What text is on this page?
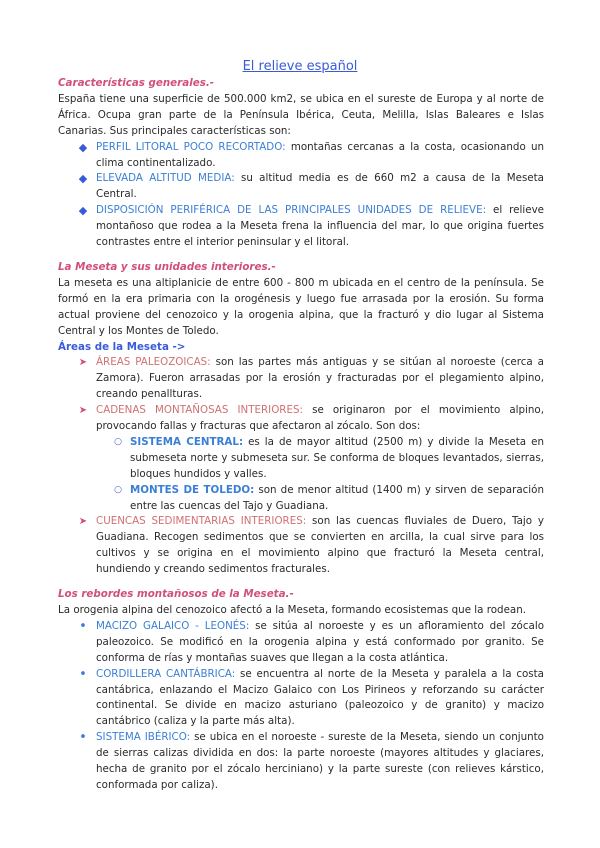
El relieve español

Características generales.-

España tiene una superficie de 500.000 km2, se ubica en el sureste de Europa y al norte de África. Ocupa gran parte de la Península Ibérica, Ceuta, Melilla, Islas Baleares e Islas Canarias. Sus principales características son:

◆ PERFIL LITORAL POCO RECORTADO: montañas cercanas a la costa, ocasionando un clima continentalizado.
◆ ELEVADA ALTITUD MEDIA: su altitud media es de 660 m2 a causa de la Meseta Central.
◆ DISPOSICIÓN PERIFÉRICA DE LAS PRINCIPALES UNIDADES DE RELIEVE: el relieve montañoso que rodea a la Meseta frena la influencia del mar, lo que origina fuertes contrastes entre el interior peninsular y el litoral.

La Meseta y sus unidades interiores.-

La meseta es una altiplanicie de entre 600 - 800 m ubicada en el centro de la península. Se formó en la era primaria con la orogénesis y luego fue arrasada por la erosión. Su forma actual proviene del cenozoico y la orogenia alpina, que la fracturó y dio lugar al Sistema Central y los Montes de Toledo.

Áreas de la Meseta ->

➤ ÁREAS PALEOZOICAS: son las partes más antiguas y se sitúan al noroeste (cerca a Zamora). Fueron arrasadas por la erosión y fracturadas por el plegamiento alpino, creando penallturas.
➤ CADENAS MONTAÑOSAS INTERIORES: se originaron por el movimiento alpino, provocando fallas y fracturas que afectaron al zócalo. Son dos:
○ SISTEMA CENTRAL: es la de mayor altitud (2500 m) y divide la Meseta en submeseta norte y submeseta sur. Se conforma de bloques levantados, sierras, bloques hundidos y valles.
○ MONTES DE TOLEDO: son de menor altitud (1400 m) y sirven de separación entre las cuencas del Tajo y Guadiana.
➤ CUENCAS SEDIMENTARIAS INTERIORES: son las cuencas fluviales de Duero, Tajo y Guadiana. Recogen sedimentos que se convierten en arcilla, la cual sirve para los cultivos y se origina en el movimiento alpino que fracturó la Meseta central, hundiendo y creando sedimentos fracturales.

Los rebordes montañosos de la Meseta.-

La orogenia alpina del cenozoico afectó a la Meseta, formando ecosistemas que la rodean.

• MACIZO GALAICO - LEONÉS: se sitúa al noroeste y es un afloramiento del zócalo paleozoico. Se modificó en la orogenia alpina y está conformado por granito. Se conforma de rías y montañas suaves que llegan a la costa atlántica.
• CORDILLERA CANTÁBRICA: se encuentra al norte de la Meseta y paralela a la costa cantábrica, enlazando el Macizo Galaico con Los Pirineos y reforzando su carácter continental. Se divide en macizo asturiano (paleozoico y de granito) y macizo cantábrico (caliza y la parte más alta).
• SISTEMA IBÉRICO: se ubica en el noroeste - sureste de la Meseta, siendo un conjunto de sierras calizas dividida en dos: la parte noroeste (mayores altitudes y glaciares, hecha de granito por el zócalo herciniano) y la parte sureste (con relieves kárstico, conformada por caliza).
